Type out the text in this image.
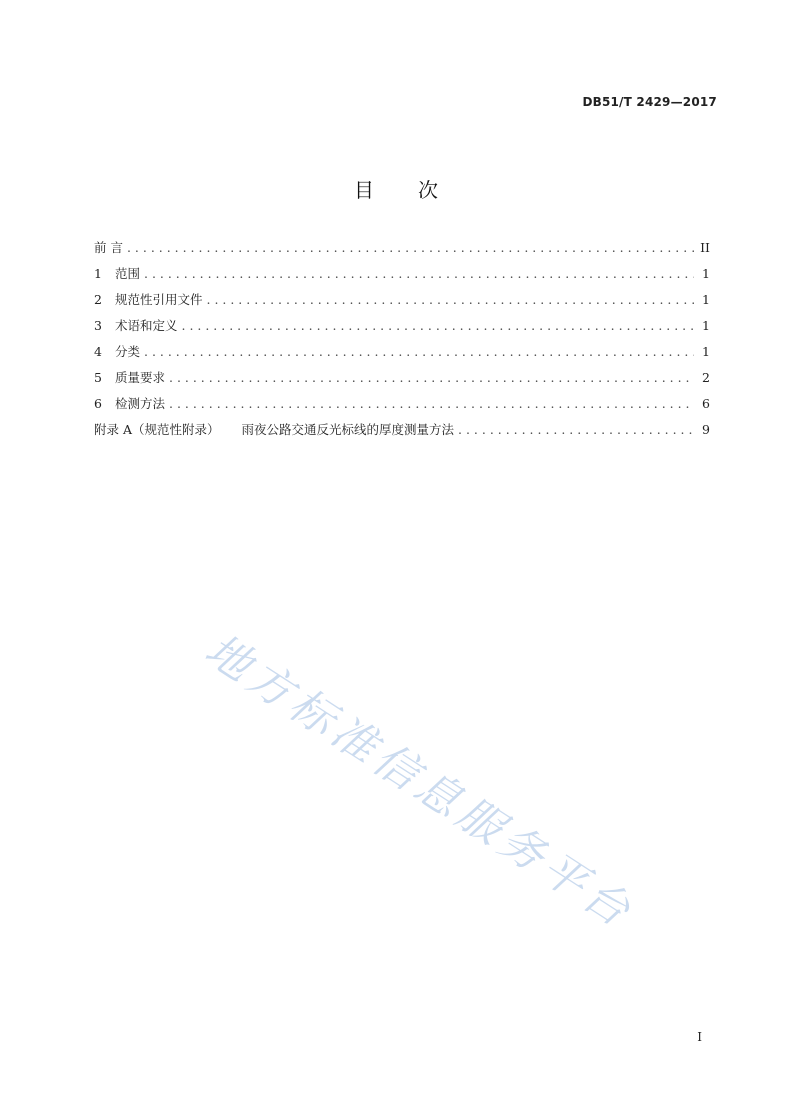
DB51/T 2429—2017
目 次
前 言 . . .	II
1	范围 . . .	1
2	规范性引用文件 . . .	1
3	术语和定义 . . .	1
4	分类 . . .	1
5	质量要求 . . .	2
6	检测方法 . . .	6
附录 A（规范性附录） 雨夜公路交通反光标线的厚度测量方法 . . .	9
地方标准信息服务平台
I
